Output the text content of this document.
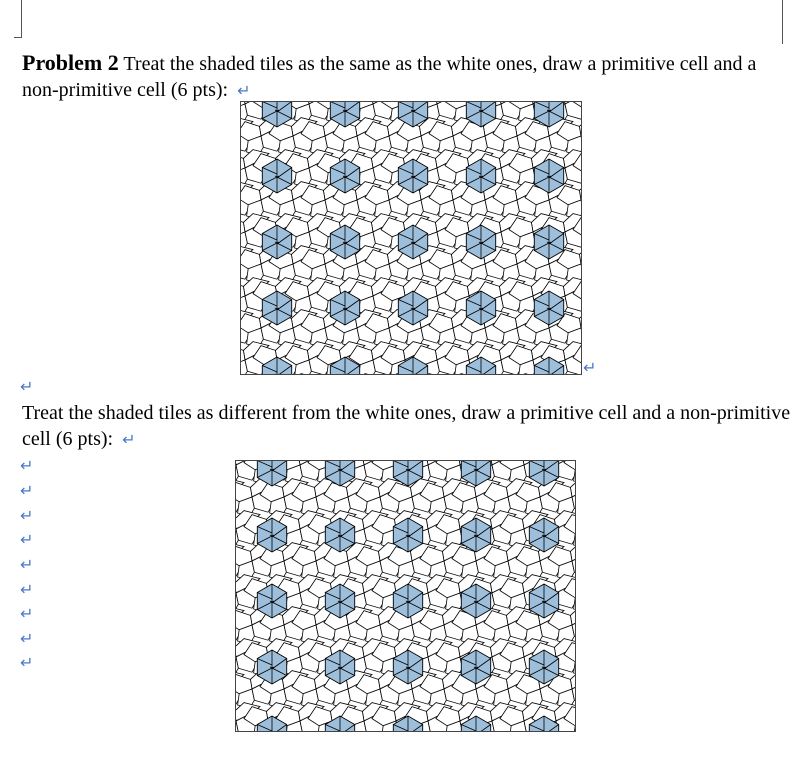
Problem 2 Treat the shaded tiles as the same as the white ones, draw a primitive cell and a non-primitive cell (6 pts): ↵
↵
↵
Treat the shaded tiles as different from the white ones, draw a primitive cell and a non-primitive cell (6 pts): ↵
↵
↵
↵
↵
↵
↵
↵
↵
↵
